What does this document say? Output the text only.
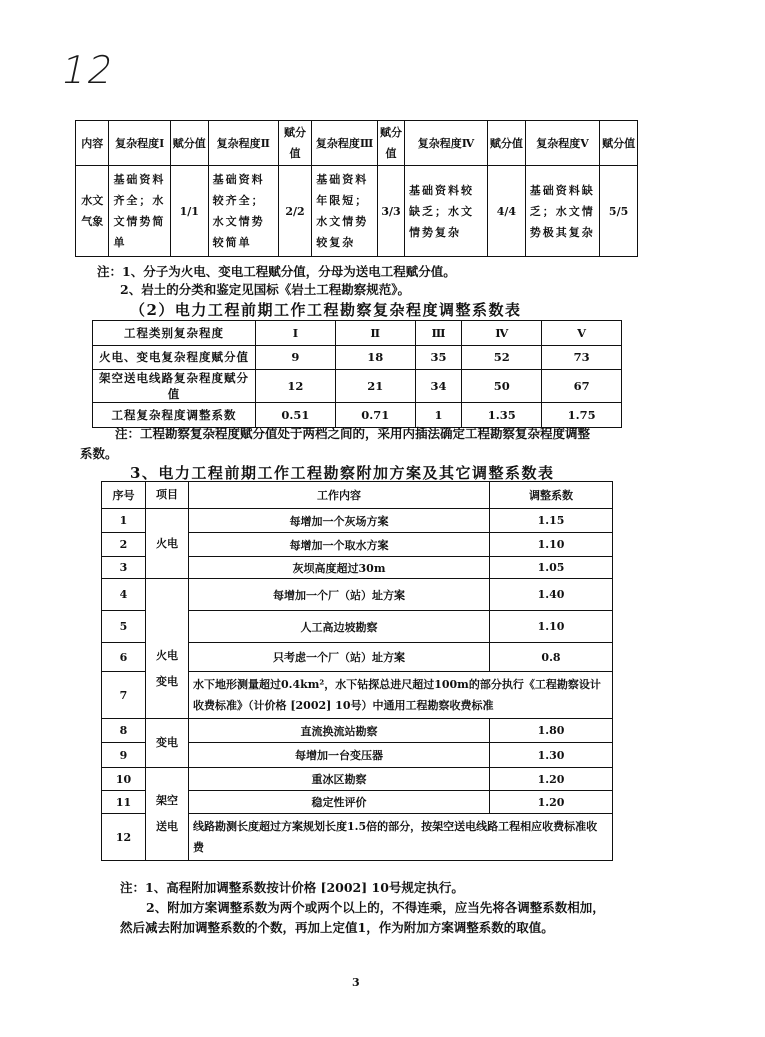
12
内容	复杂程度Ⅰ	赋分值	复杂程度Ⅱ	赋分值	复杂程度Ⅲ	赋分值	复杂程度Ⅳ	赋分值	复杂程度Ⅴ	赋分值
水文气象	基础资料齐全；水文情势简单	1/1	基础资料较齐全；水文情势较简单	2/2	基础资料年限短；水文情势较复杂	3/3	基础资料较缺乏；水文情势复杂	4/4	基础资料缺乏；水文情势极其复杂	5/5
注：1、分子为火电、变电工程赋分值，分母为送电工程赋分值。
2、岩土的分类和鉴定见国标《岩土工程勘察规范》。
（2）电力工程前期工作工程勘察复杂程度调整系数表
工程类别复杂程度	Ⅰ	Ⅱ	Ⅲ	Ⅳ	Ⅴ
火电、变电复杂程度赋分值	9	18	35	52	73
架空送电线路复杂程度赋分值	12	21	34	50	67
工程复杂程度调整系数	0.51	0.71	1	1.35	1.75
注：工程勘察复杂程度赋分值处于两档之间的，采用内插法确定工程勘察复杂程度调整
系数。
3、电力工程前期工作工程勘察附加方案及其它调整系数表
序号	项目	工作内容	调整系数
1	火电	每增加一个灰场方案	1.15
2		每增加一个取水方案	1.10
3		灰坝高度超过30m	1.05
4	火电变电	每增加一个厂（站）址方案	1.40
5		人工高边坡勘察	1.10
6		只考虑一个厂（站）址方案	0.8
7		水下地形测量超过0.4km²，水下钻探总进尺超过100m的部分执行《工程勘察设计收费标准》（计价格 [2002] 10号）中通用工程勘察收费标准	
8	变电	直流换流站勘察	1.80
9		每增加一台变压器	1.30
10	架空送电	重冰区勘察	1.20
11		稳定性评价	1.20
12		线路勘测长度超过方案规划长度1.5倍的部分，按架空送电线路工程相应收费标准收费	
注：1、高程附加调整系数按计价格 [2002] 10号规定执行。
2、附加方案调整系数为两个或两个以上的，不得连乘，应当先将各调整系数相加，
然后减去附加调整系数的个数，再加上定值1，作为附加方案调整系数的取值。
3
